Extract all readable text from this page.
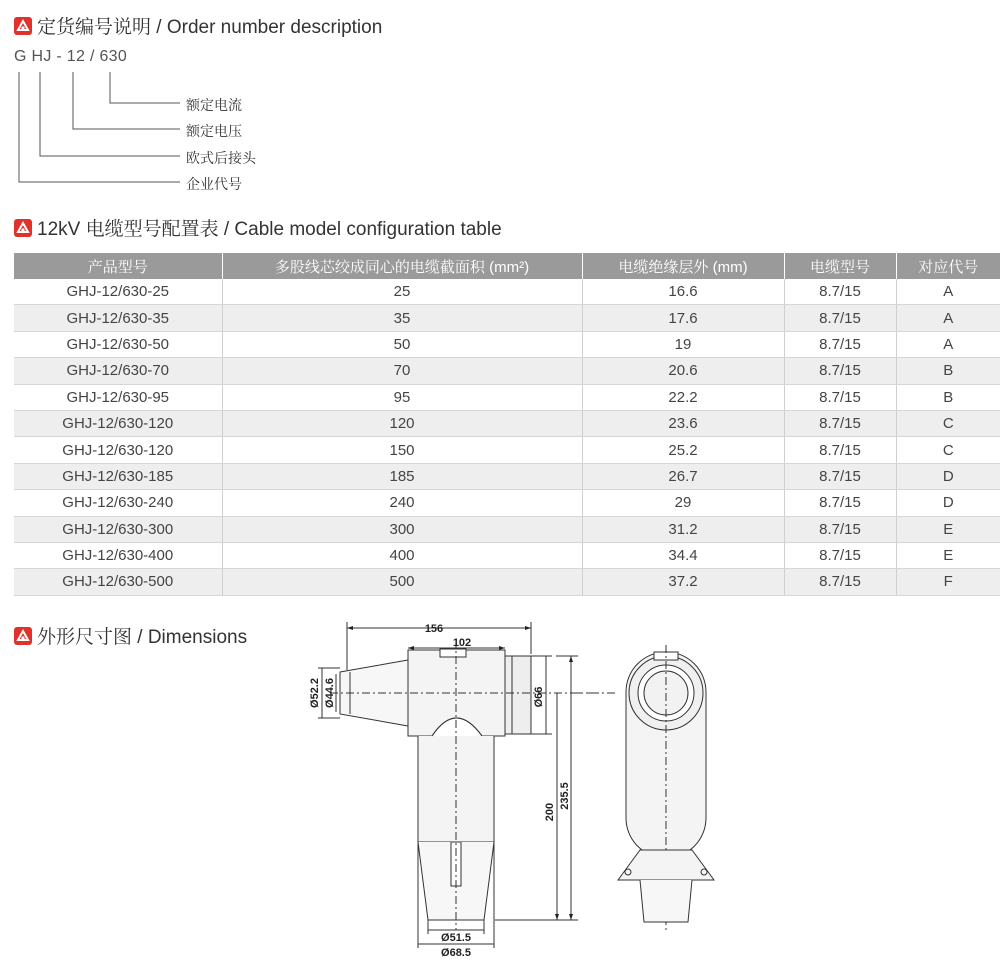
定货编号说明 / Order number description
G HJ - 12 / 630
额定电流
额定电压
欧式后接头
企业代号
12kV 电缆型号配置表 / Cable model configuration table
产品型号	多股线芯绞成同心的电缆截面积 (mm²)	电缆绝缘层外 (mm)	电缆型号	对应代号
GHJ-12/630-25	25	16.6	8.7/15	A
GHJ-12/630-35	35	17.6	8.7/15	A
GHJ-12/630-50	50	19	8.7/15	A
GHJ-12/630-70	70	20.6	8.7/15	B
GHJ-12/630-95	95	22.2	8.7/15	B
GHJ-12/630-120	120	23.6	8.7/15	C
GHJ-12/630-120	150	25.2	8.7/15	C
GHJ-12/630-185	185	26.7	8.7/15	D
GHJ-12/630-240	240	29	8.7/15	D
GHJ-12/630-300	300	31.2	8.7/15	E
GHJ-12/630-400	400	34.4	8.7/15	E
GHJ-12/630-500	500	37.2	8.7/15	F
外形尺寸图 / Dimensions	156
102
Ø52.2 Ø44.6	Ø66
200
235.5
Ø51.5
Ø68.5
